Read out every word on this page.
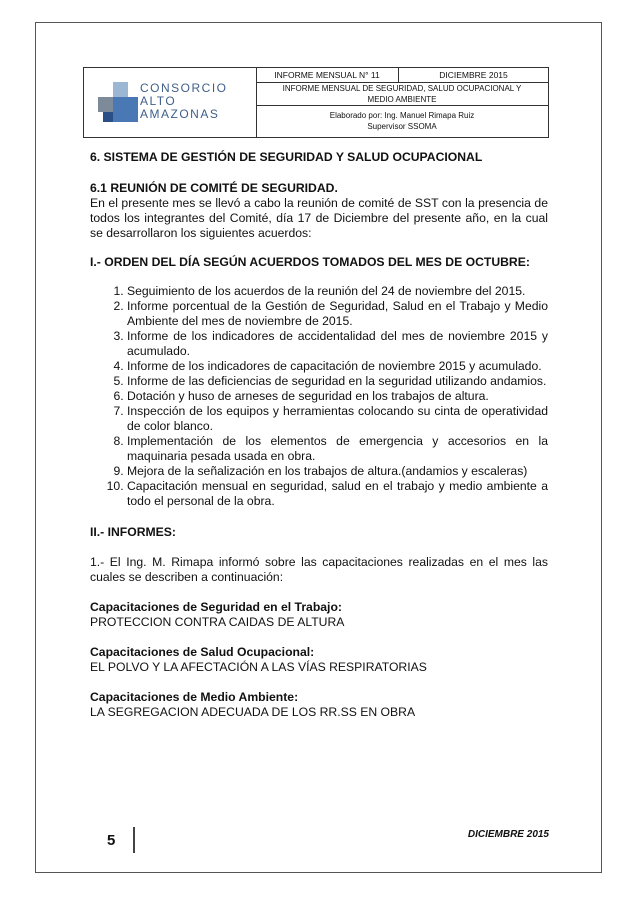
CONSORCIO
ALTO
AMAZONAS
INFORME MENSUAL N° 11	DICIEMBRE 2015
INFORME MENSUAL DE SEGURIDAD, SALUD OCUPACIONAL Y
MEDIO AMBIENTE
Elaborado por: Ing. Manuel Rimapa Ruiz
Supervisor SSOMA
6. SISTEMA DE GESTIÓN DE SEGURIDAD Y SALUD OCUPACIONAL
6.1 REUNIÓN DE COMITÉ DE SEGURIDAD.
En el presente mes se llevó a cabo la reunión de comité de SST con la presencia de todos los integrantes del Comité, día 17 de Diciembre del presente año, en la cual se desarrollaron los siguientes acuerdos:
I.- ORDEN DEL DÍA SEGÚN ACUERDOS TOMADOS DEL MES DE OCTUBRE:
1. Seguimiento de los acuerdos de la reunión del 24 de noviembre del 2015.
2. Informe porcentual de la Gestión de Seguridad, Salud en el Trabajo y Medio Ambiente del mes de noviembre de 2015.
3. Informe de los indicadores de accidentalidad del mes de noviembre 2015 y acumulado.
4. Informe de los indicadores de capacitación de noviembre 2015 y acumulado.
5. Informe de las deficiencias de seguridad en la seguridad utilizando andamios.
6. Dotación y huso de arneses de seguridad en los trabajos de altura.
7. Inspección de los equipos y herramientas colocando su cinta de operatividad de color blanco.
8. Implementación de los elementos de emergencia y accesorios en la maquinaria pesada usada en obra.
9. Mejora de la señalización en los trabajos de altura.(andamios y escaleras)
10. Capacitación mensual en seguridad, salud en el trabajo y medio ambiente a todo el personal de la obra.
II.- INFORMES:
1.- El Ing. M. Rimapa informó sobre las capacitaciones realizadas en el mes las cuales se describen a continuación:
Capacitaciones de Seguridad en el Trabajo:
PROTECCION CONTRA CAIDAS DE ALTURA
Capacitaciones de Salud Ocupacional:
EL POLVO Y LA AFECTACIÓN A LAS VÍAS RESPIRATORIAS
Capacitaciones de Medio Ambiente:
LA SEGREGACION ADECUADA DE LOS RR.SS EN OBRA
5	DICIEMBRE 2015
